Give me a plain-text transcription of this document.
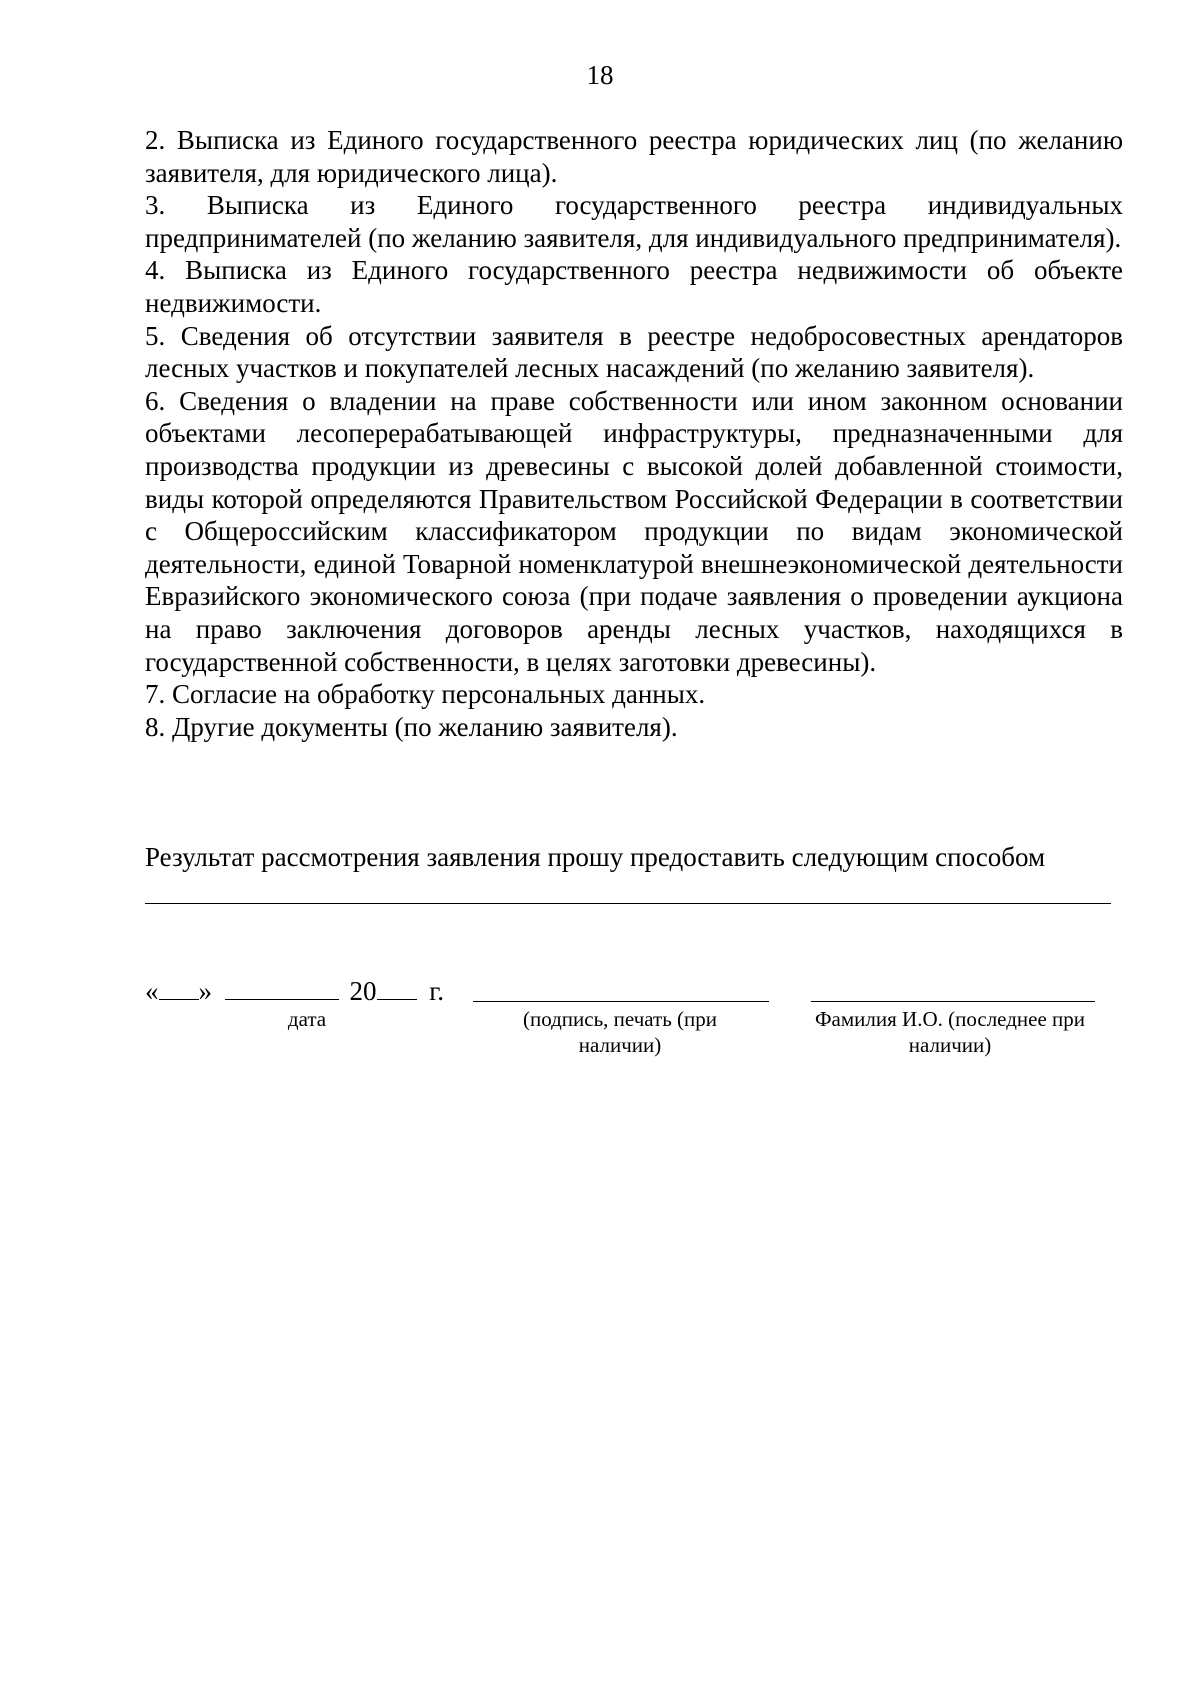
18
2. Выписка из Единого государственного реестра юридических лиц (по желанию заявителя, для юридического лица).
3. Выписка из Единого государственного реестра индивидуальных предпринимателей (по желанию заявителя, для индивидуального предпринимателя).
4. Выписка из Единого государственного реестра недвижимости об объекте недвижимости.
5. Сведения об отсутствии заявителя в реестре недобросовестных арендаторов лесных участков и покупателей лесных насаждений (по желанию заявителя).
6. Сведения о владении на праве собственности или ином законном основании объектами лесоперерабатывающей инфраструктуры, предназначенными для производства продукции из древесины с высокой долей добавленной стоимости, виды которой определяются Правительством Российской Федерации в соответствии с Общероссийским классификатором продукции по видам экономической деятельности, единой Товарной номенклатурой внешнеэкономической деятельности Евразийского экономического союза (при подаче заявления о проведении аукциона на право заключения договоров аренды лесных участков, находящихся в государственной собственности, в целях заготовки древесины).
7. Согласие на обработку персональных данных.
8. Другие документы (по желанию заявителя).
Результат рассмотрения заявления прошу предоставить следующим способом
« »	20 г.
дата	(подпись, печать (при наличии)
Фамилия И.О. (последнее при наличии)
